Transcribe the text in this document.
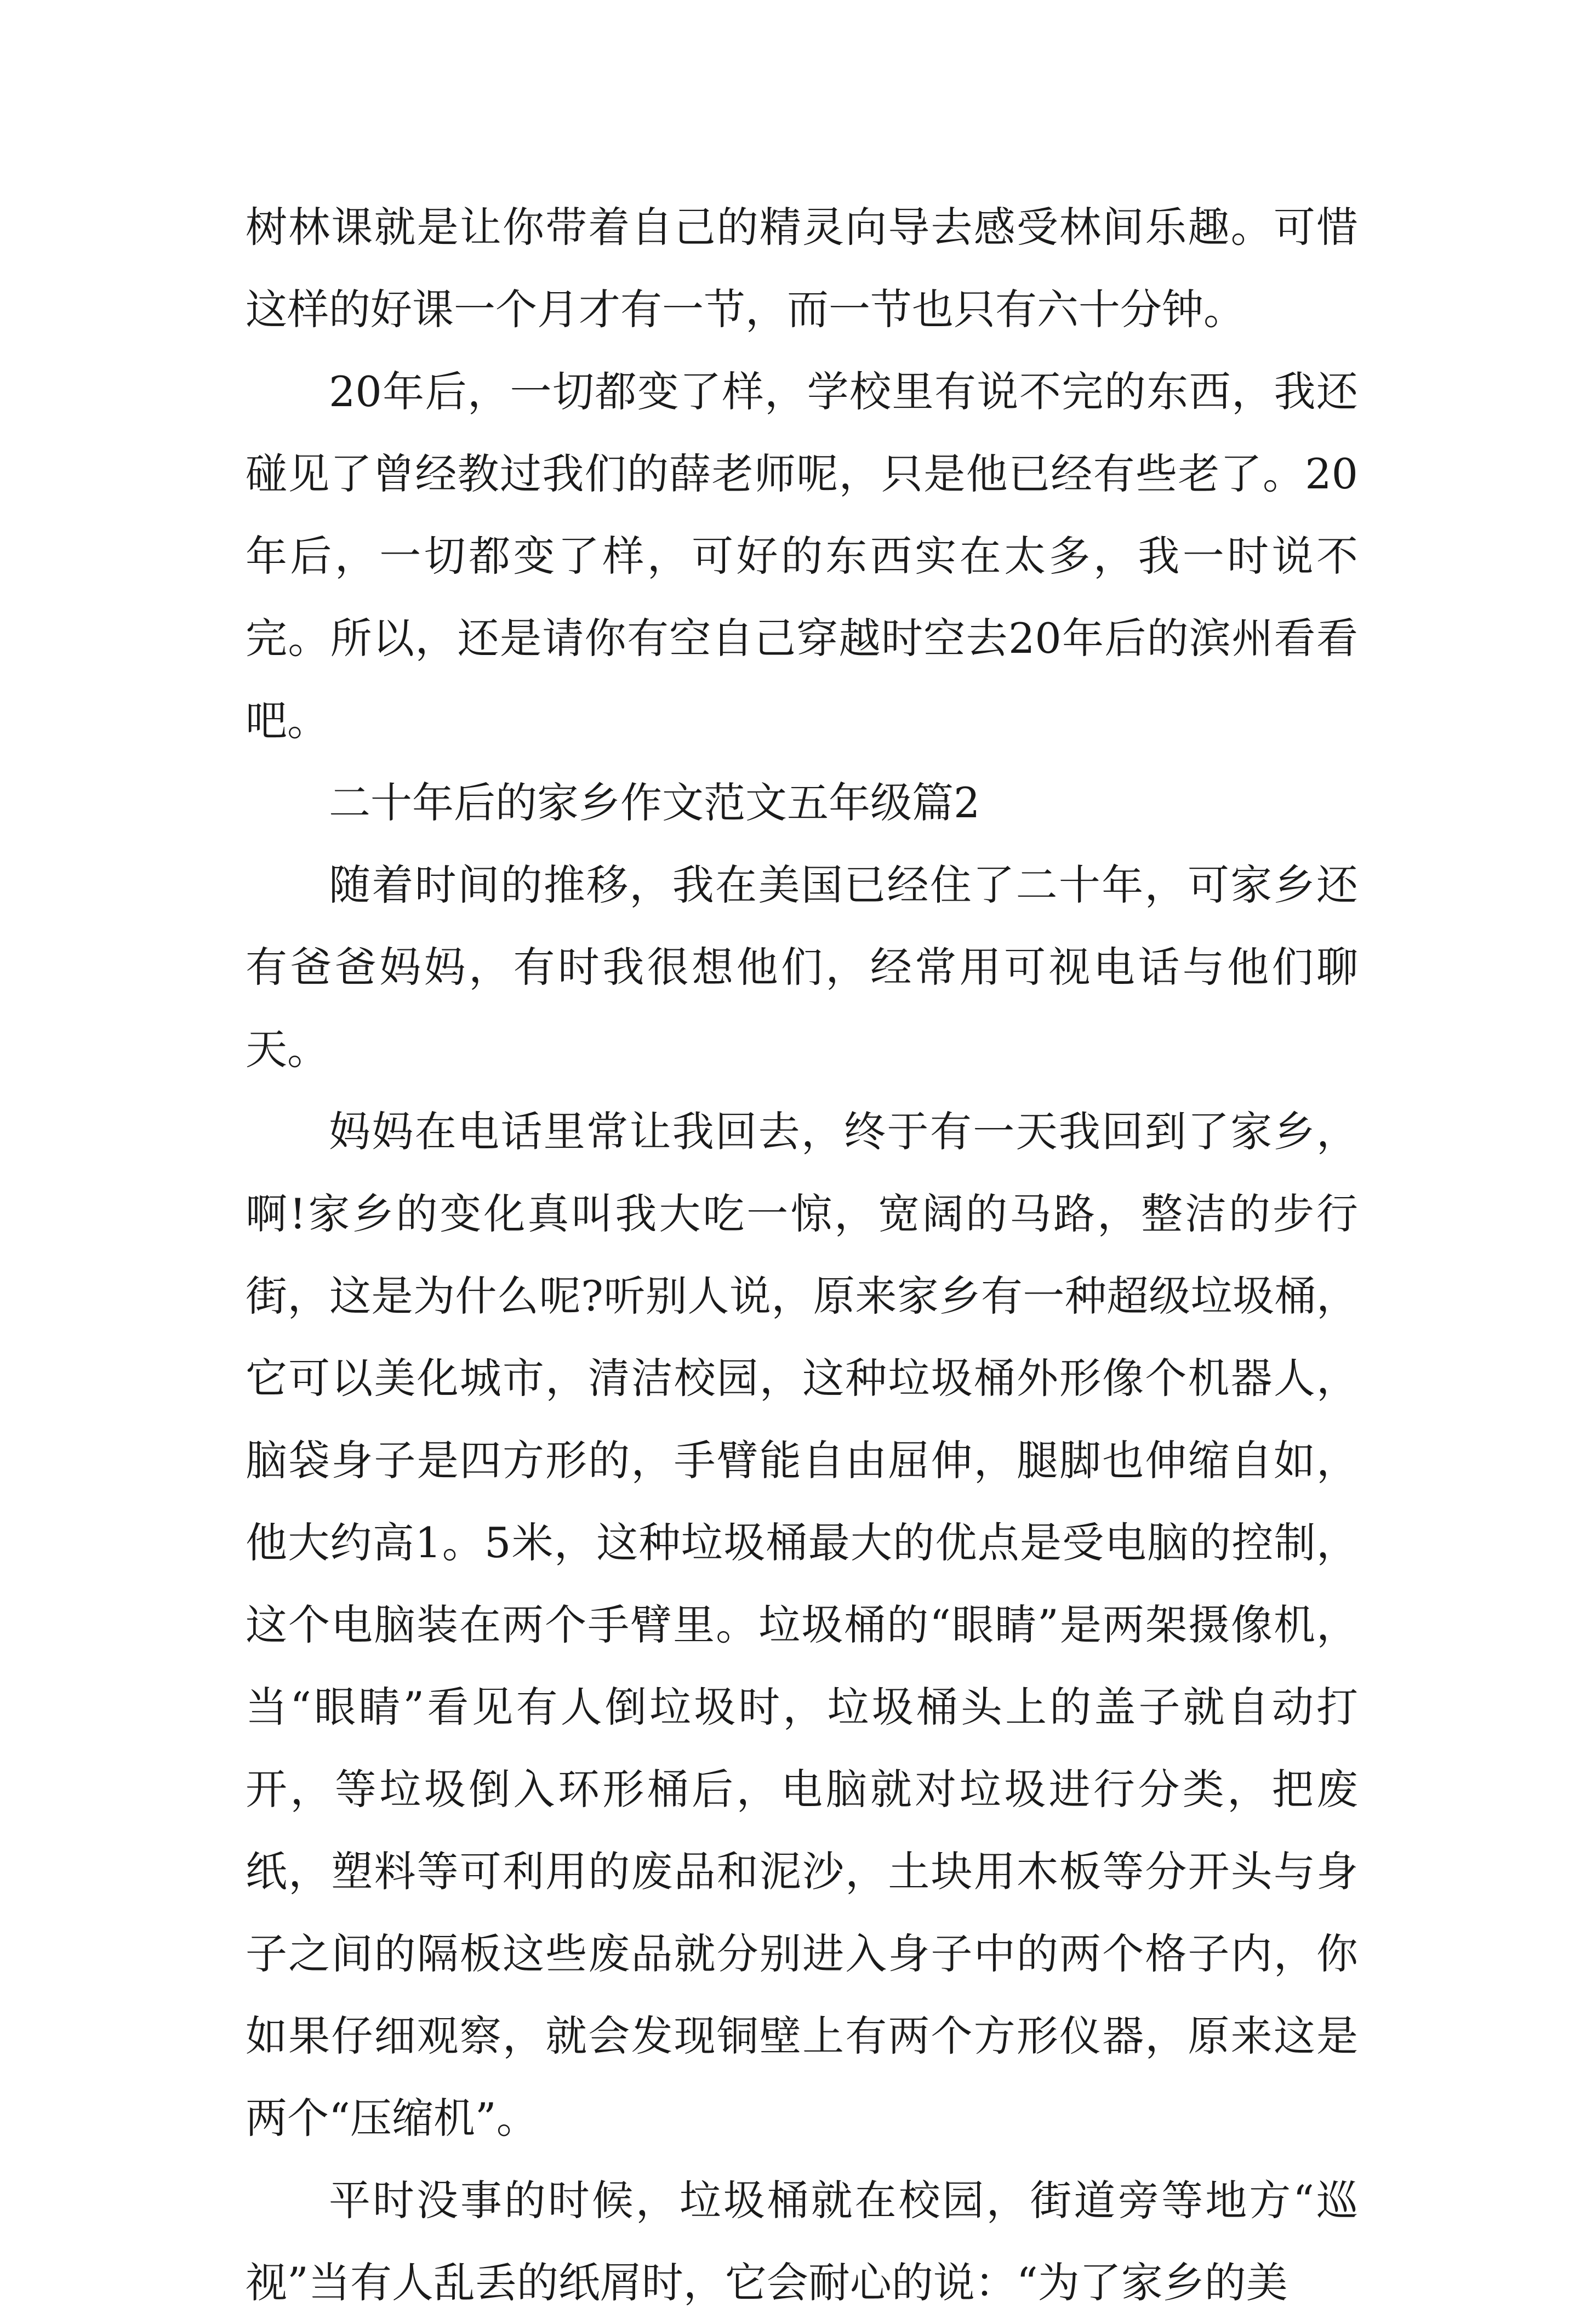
树林课就是让你带着自己的精灵向导去感受林间乐趣。可惜这样的好课一个月才有一节，而一节也只有六十分钟。

20年后，一切都变了样，学校里有说不完的东西，我还碰见了曾经教过我们的薛老师呢，只是他已经有些老了。20年后，一切都变了样，可好的东西实在太多，我一时说不完。所以，还是请你有空自己穿越时空去20年后的滨州看看吧。

二十年后的家乡作文范文五年级篇2

随着时间的推移，我在美国已经住了二十年，可家乡还有爸爸妈妈，有时我很想他们，经常用可视电话与他们聊天。

妈妈在电话里常让我回去，终于有一天我回到了家乡，啊!家乡的变化真叫我大吃一惊，宽阔的马路，整洁的步行街，这是为什么呢?听别人说，原来家乡有一种超级垃圾桶，它可以美化城市，清洁校园，这种垃圾桶外形像个机器人，脑袋身子是四方形的，手臂能自由屈伸，腿脚也伸缩自如，他大约高1。5米，这种垃圾桶最大的优点是受电脑的控制，这个电脑装在两个手臂里。垃圾桶的“眼睛”是两架摄像机，当“眼睛”看见有人倒垃圾时，垃圾桶头上的盖子就自动打开，等垃圾倒入环形桶后，电脑就对垃圾进行分类，把废纸，塑料等可利用的废品和泥沙，土块用木板等分开头与身子之间的隔板这些废品就分别进入身子中的两个格子内，你如果仔细观察，就会发现铜壁上有两个方形仪器，原来这是两个“压缩机”。

平时没事的时候，垃圾桶就在校园，街道旁等地方“巡视”当有人乱丢的纸屑时，它会耐心的说：“为了家乡的美
